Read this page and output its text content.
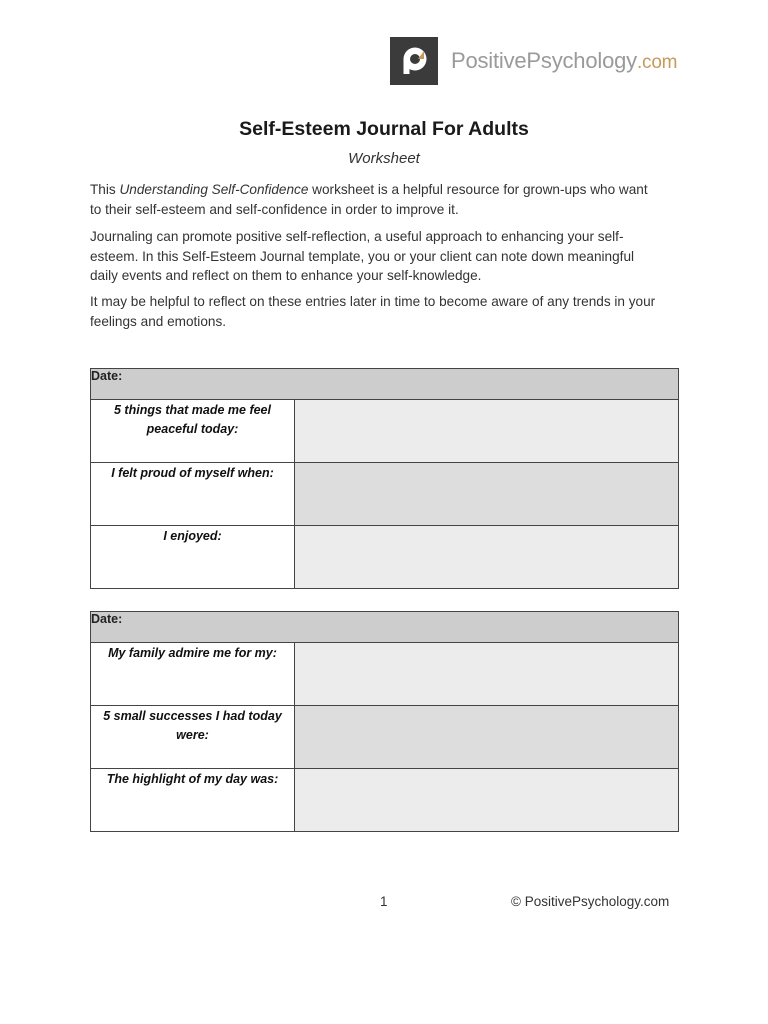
PositivePsychology.com
Self-Esteem Journal For Adults
Worksheet

This Understanding Self-Confidence worksheet is a helpful resource for grown-ups who want to their self-esteem and self-confidence in order to improve it.

Journaling can promote positive self-reflection, a useful approach to enhancing your self-esteem. In this Self-Esteem Journal template, you or your client can note down meaningful daily events and reflect on them to enhance your self-knowledge.

It may be helpful to reflect on these entries later in time to become aware of any trends in your feelings and emotions.

Date:	
5 things that made me feel peaceful today:	
I felt proud of myself when:	
I enjoyed:	
Date:	
My family admire me for my:	
5 small successes I had today were:	
The highlight of my day was:	
1	© PositivePsychology.com
